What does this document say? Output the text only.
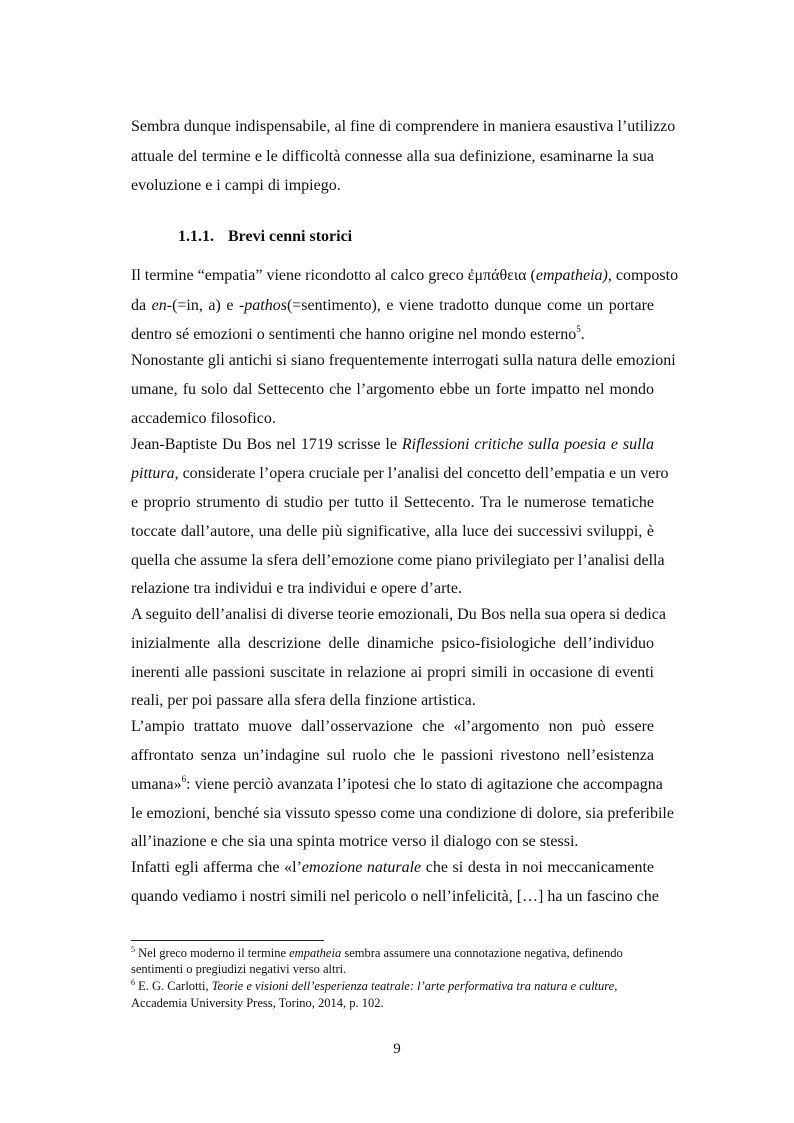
Sembra dunque indispensabile, al fine di comprendere in maniera esaustiva l’utilizzo
attuale del termine e le difficoltà connesse alla sua definizione, esaminarne la sua
evoluzione e i campi di impiego.
1.1.1. Brevi cenni storici
Il termine “empatia” viene ricondotto al calco greco ἐμπάθεια (empatheia), composto
da en-(=in, a) e -pathos(=sentimento), e viene tradotto dunque come un portare
dentro sé emozioni o sentimenti che hanno origine nel mondo esterno$^5$.
Nonostante gli antichi si siano frequentemente interrogati sulla natura delle emozioni
umane, fu solo dal Settecento che l’argomento ebbe un forte impatto nel mondo
accademico filosofico.
Jean-Baptiste Du Bos nel 1719 scrisse le Riflessioni critiche sulla poesia e sulla
pittura, considerate l’opera cruciale per l’analisi del concetto dell’empatia e un vero
e proprio strumento di studio per tutto il Settecento. Tra le numerose tematiche
toccate dall’autore, una delle più significative, alla luce dei successivi sviluppi, è
quella che assume la sfera dell’emozione come piano privilegiato per l’analisi della
relazione tra individui e tra individui e opere d’arte.
A seguito dell’analisi di diverse teorie emozionali, Du Bos nella sua opera si dedica
inizialmente alla descrizione delle dinamiche psico-fisiologiche dell’individuo
inerenti alle passioni suscitate in relazione ai propri simili in occasione di eventi
reali, per poi passare alla sfera della finzione artistica.
L’ampio trattato muove dall’osservazione che «l’argomento non può essere
affrontato senza un’indagine sul ruolo che le passioni rivestono nell’esistenza
umana»$^6$: viene perciò avanzata l’ipotesi che lo stato di agitazione che accompagna
le emozioni, benché sia vissuto spesso come una condizione di dolore, sia preferibile
all’inazione e che sia una spinta motrice verso il dialogo con se stessi.
Infatti egli afferma che «l’emozione naturale che si desta in noi meccanicamente
quando vediamo i nostri simili nel pericolo o nell’infelicità, […] ha un fascino che
$^5$ Nel greco moderno il termine empatheia sembra assumere una connotazione negativa, definendo
sentimenti o pregiudizi negativi verso altri.
$^6$ E. G. Carlotti, Teorie e visioni dell’esperienza teatrale: l’arte performativa tra natura e culture,
Accademia University Press, Torino, 2014, p. 102.
9
